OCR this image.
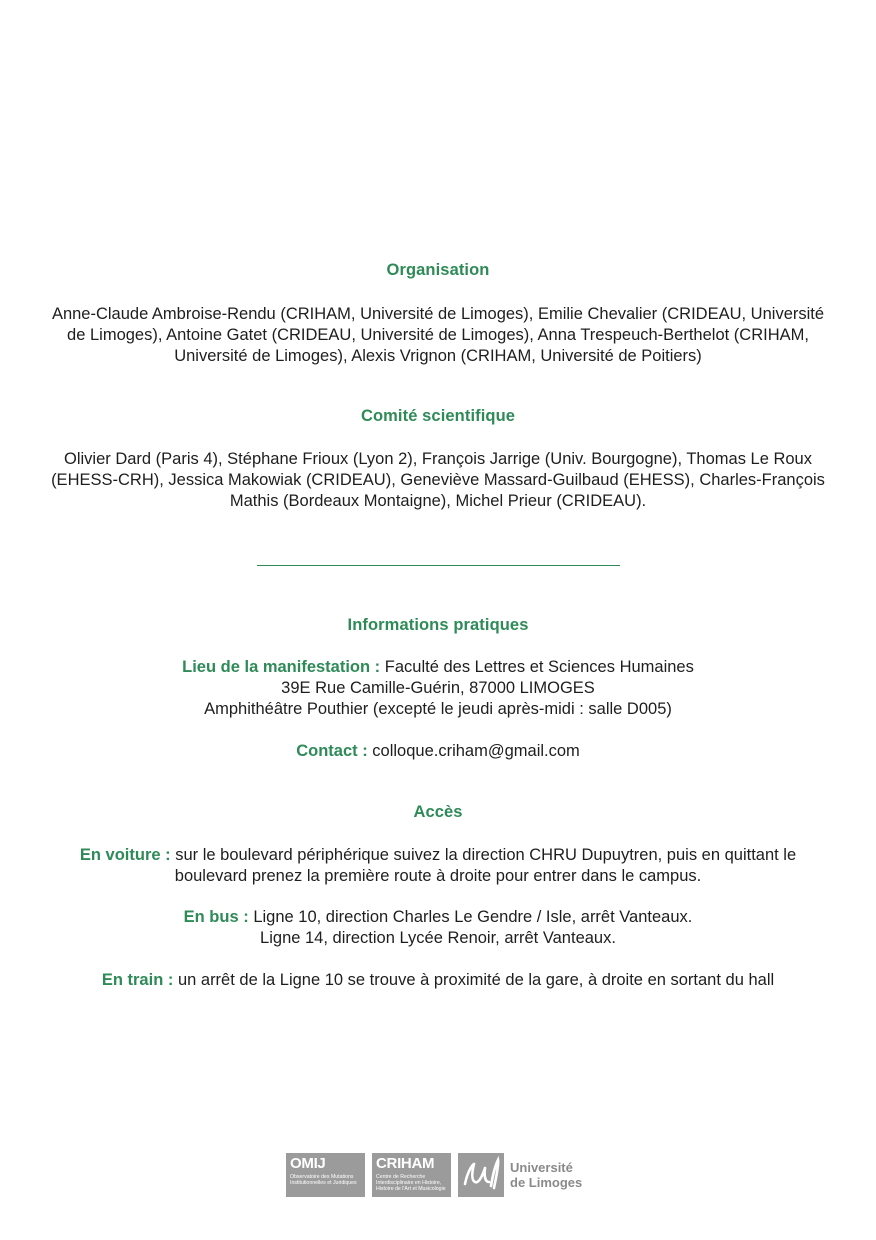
Organisation
Anne-Claude Ambroise-Rendu (CRIHAM, Université de Limoges), Emilie Chevalier (CRIDEAU, Université
de Limoges), Antoine Gatet (CRIDEAU, Université de Limoges), Anna Trespeuch-Berthelot (CRIHAM,
Université de Limoges), Alexis Vrignon (CRIHAM, Université de Poitiers)
Comité scientifique
Olivier Dard (Paris 4), Stéphane Frioux (Lyon 2), François Jarrige (Univ. Bourgogne), Thomas Le Roux
(EHESS-CRH), Jessica Makowiak (CRIDEAU), Geneviève Massard-Guilbaud (EHESS), Charles-François
Mathis (Bordeaux Montaigne), Michel Prieur (CRIDEAU).
Informations pratiques
Lieu de la manifestation : Faculté des Lettres et Sciences Humaines
39E Rue Camille-Guérin, 87000 LIMOGES
Amphithéâtre Pouthier (excepté le jeudi après-midi : salle D005)
Contact : colloque.criham@gmail.com
Accès
En voiture : sur le boulevard périphérique suivez la direction CHRU Dupuytren, puis en quittant le
boulevard prenez la première route à droite pour entrer dans le campus.
En bus : Ligne 10, direction Charles Le Gendre / Isle, arrêt Vanteaux.
Ligne 14, direction Lycée Renoir, arrêt Vanteaux.
En train : un arrêt de la Ligne 10 se trouve à proximité de la gare, à droite en sortant du hall
OMIJ
Observatoire des Mutations Institutionnelles et Juridiques
CRIHAM
Centre de Recherche Interdisciplinaire en Histoire, Histoire de l'Art et Musicologie
Université
de Limoges
